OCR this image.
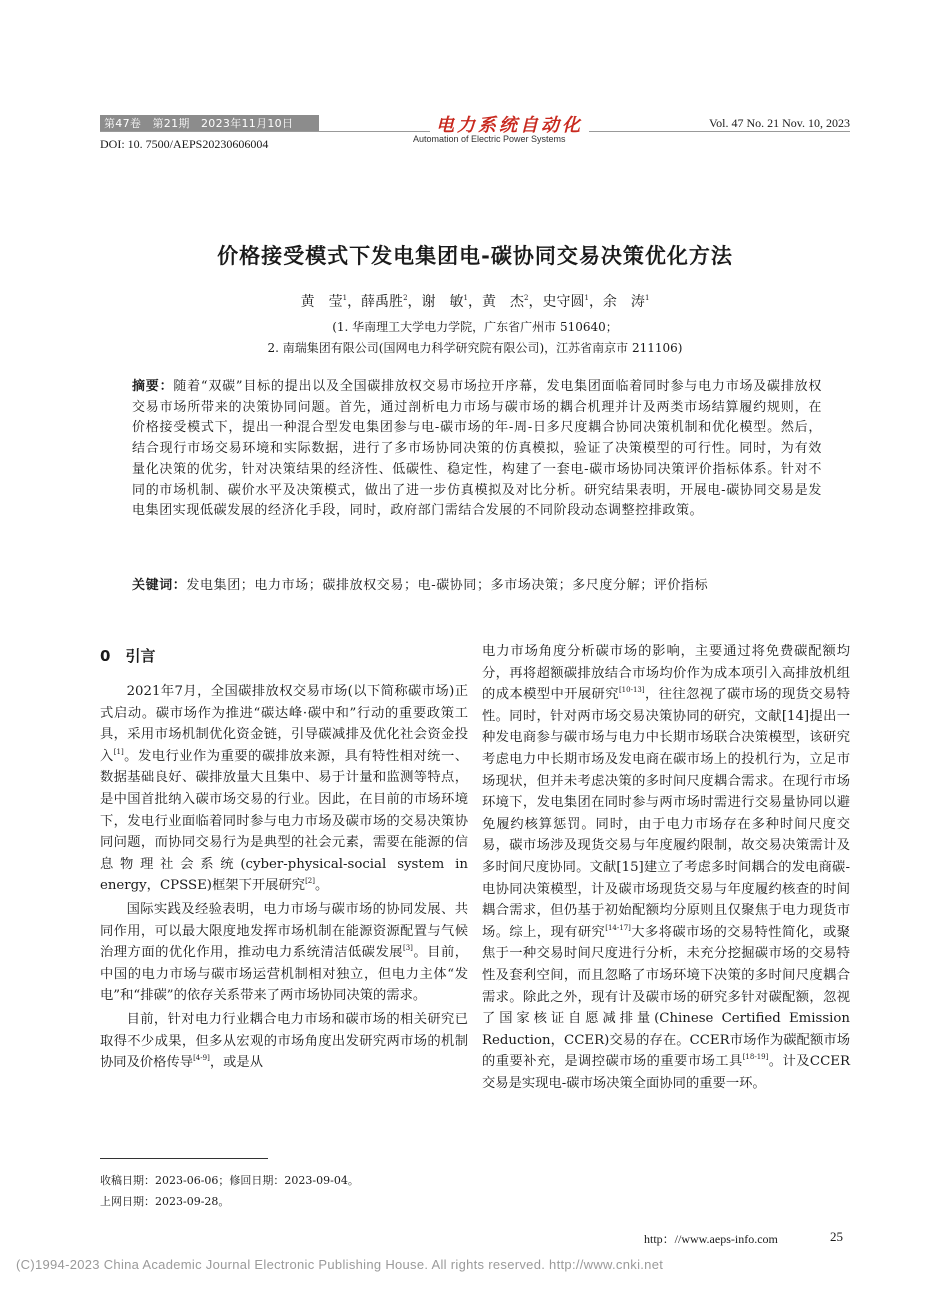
第47卷　第21期　2023年11月10日	电力系统自动化
Automation of Electric Power Systems
Vol. 47 No. 21 Nov. 10, 2023
DOI: 10. 7500/AEPS20230606004
价格接受模式下发电集团电-碳协同交易决策优化方法
黄　莹$^1$，薛禹胜$^2$，谢　敏$^1$，黄　杰$^2$，史守圆$^1$，余　涛$^1$
(1. 华南理工大学电力学院，广东省广州市 510640；
2. 南瑞集团有限公司(国网电力科学研究院有限公司)，江苏省南京市 211106)
摘要：随着“双碳”目标的提出以及全国碳排放权交易市场拉开序幕，发电集团面临着同时参与电力市场及碳排放权交易市场所带来的决策协同问题。首先，通过剖析电力市场与碳市场的耦合机理并计及两类市场结算履约规则，在价格接受模式下，提出一种混合型发电集团参与电-碳市场的年-周-日多尺度耦合协同决策机制和优化模型。然后，结合现行市场交易环境和实际数据，进行了多市场协同决策的仿真模拟，验证了决策模型的可行性。同时，为有效量化决策的优劣，针对决策结果的经济性、低碳性、稳定性，构建了一套电-碳市场协同决策评价指标体系。针对不同的市场机制、碳价水平及决策模式，做出了进一步仿真模拟及对比分析。研究结果表明，开展电-碳协同交易是发电集团实现低碳发展的经济化手段，同时，政府部门需结合发展的不同阶段动态调整控排政策。
关键词：发电集团；电力市场；碳排放权交易；电-碳协同；多市场决策；多尺度分解；评价指标
0　 引言

2021年7月，全国碳排放权交易市场(以下简称碳市场)正式启动。碳市场作为推进“碳达峰·碳中和”行动的重要政策工具，采用市场机制优化资金链，引导碳减排及优化社会资金投入[1]。发电行业作为重要的碳排放来源，具有特性相对统一、数据基础良好、碳排放量大且集中、易于计量和监测等特点，是中国首批纳入碳市场交易的行业。因此，在目前的市场环境下，发电行业面临着同时参与电力市场及碳市场的交易决策协同问题，而协同交易行为是典型的社会元素，需要在能源的信息物理社会系统(cyber-physical-social system in energy，CPSSE)框架下开展研究[2]。

国际实践及经验表明，电力市场与碳市场的协同发展、共同作用，可以最大限度地发挥市场机制在能源资源配置与气候治理方面的优化作用，推动电力系统清洁低碳发展[3]。目前，中国的电力市场与碳市场运营机制相对独立，但电力主体“发电”和“排碳”的依存关系带来了两市场协同决策的需求。

目前，针对电力行业耦合电力市场和碳市场的相关研究已取得不少成果，但多从宏观的市场角度出发研究两市场的机制协同及价格传导[4-9]，或是从

电力市场角度分析碳市场的影响，主要通过将免费碳配额均分，再将超额碳排放结合市场均价作为成本项引入高排放机组的成本模型中开展研究[10-13]，往往忽视了碳市场的现货交易特性。同时，针对两市场交易决策协同的研究，文献[14]提出一种发电商参与碳市场与电力中长期市场联合决策模型，该研究考虑电力中长期市场及发电商在碳市场上的投机行为，立足市场现状，但并未考虑决策的多时间尺度耦合需求。在现行市场环境下，发电集团在同时参与两市场时需进行交易量协同以避免履约核算惩罚。同时，由于电力市场存在多种时间尺度交易，碳市场涉及现货交易与年度履约限制，故交易决策需计及多时间尺度协同。文献[15]建立了考虑多时间耦合的发电商碳-电协同决策模型，计及碳市场现货交易与年度履约核查的时间耦合需求，但仍基于初始配额均分原则且仅聚焦于电力现货市场。综上，现有研究[14-17]大多将碳市场的交易特性简化，或聚焦于一种交易时间尺度进行分析，未充分挖掘碳市场的交易特性及套利空间，而且忽略了市场环境下决策的多时间尺度耦合需求。除此之外，现有计及碳市场的研究多针对碳配额，忽视了国家核证自愿减排量(Chinese Certified Emission Reduction，CCER)交易的存在。CCER市场作为碳配额市场的重要补充，是调控碳市场的重要市场工具[18-19]。计及CCER交易是实现电-碳市场决策全面协同的重要一环。

收稿日期：2023-06-06；修回日期：2023-09-04。
上网日期：2023-09-28。
http：//www.aeps-info.com	25
(C)1994-2023 China Academic Journal Electronic Publishing House. All rights reserved. http://www.cnki.net
